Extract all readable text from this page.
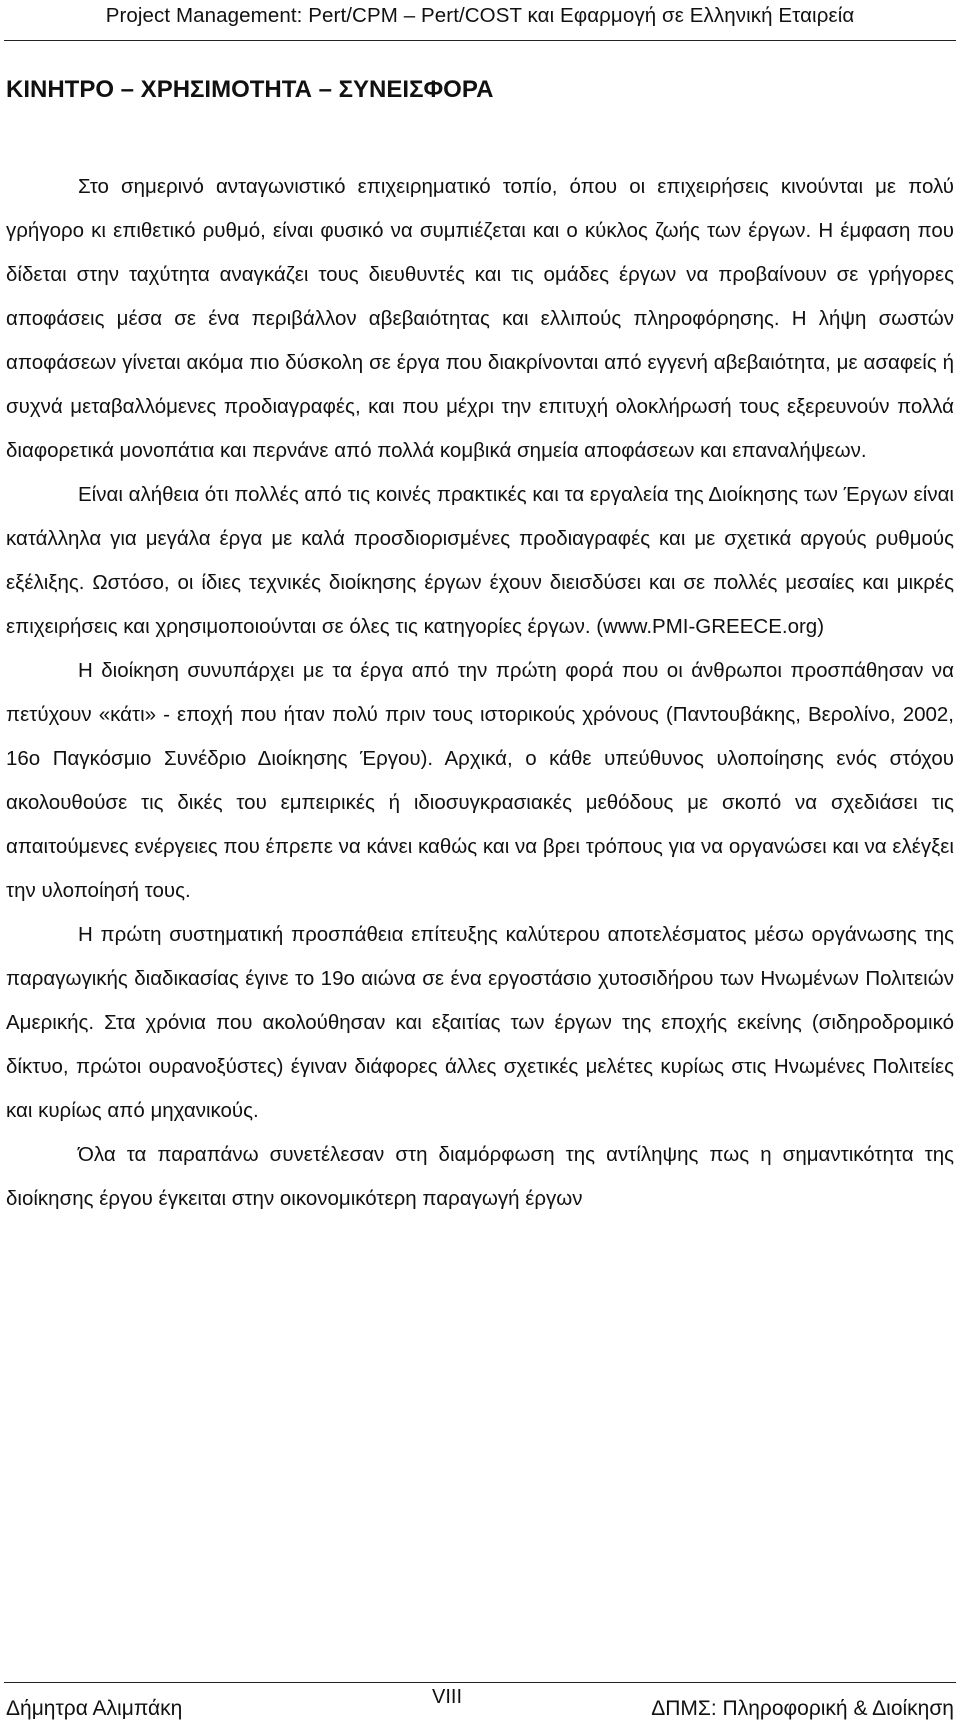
Project Management: Pert/CPM – Pert/COST και Εφαρμογή σε Ελληνική Εταιρεία
ΚΙΝΗΤΡΟ – ΧΡΗΣΙΜΟΤΗΤΑ – ΣΥΝΕΙΣΦΟΡΑ

Στο σημερινό ανταγωνιστικό επιχειρηματικό τοπίο, όπου οι επιχειρήσεις κινούνται με πολύ γρήγορο κι επιθετικό ρυθμό, είναι φυσικό να συμπιέζεται και ο κύκλος ζωής των έργων. Η έμφαση που δίδεται στην ταχύτητα αναγκάζει τους διευθυντές και τις ομάδες έργων να προβαίνουν σε γρήγορες αποφάσεις μέσα σε ένα περιβάλλον αβεβαιότητας και ελλιπούς πληροφόρησης. Η λήψη σωστών αποφάσεων γίνεται ακόμα πιο δύσκολη σε έργα που διακρίνονται από εγγενή αβεβαιότητα, με ασαφείς ή συχνά μεταβαλλόμενες προδιαγραφές, και που μέχρι την επιτυχή ολοκλήρωσή τους εξερευνούν πολλά διαφορετικά μονοπάτια και περνάνε από πολλά κομβικά σημεία αποφάσεων και επαναλήψεων.

Είναι αλήθεια ότι πολλές από τις κοινές πρακτικές και τα εργαλεία της Διοίκησης των Έργων είναι κατάλληλα για μεγάλα έργα με καλά προσδιορισμένες προδιαγραφές και με σχετικά αργούς ρυθμούς εξέλιξης. Ωστόσο, οι ίδιες τεχνικές διοίκησης έργων έχουν διεισδύσει και σε πολλές μεσαίες και μικρές επιχειρήσεις και χρησιμοποιούνται σε όλες τις κατηγορίες έργων. (www.PMI-GREECE.org)

Η διοίκηση συνυπάρχει με τα έργα από την πρώτη φορά που οι άνθρωποι προσπάθησαν να πετύχουν «κάτι» - εποχή που ήταν πολύ πριν τους ιστορικούς χρόνους (Παντουβάκης, Βερολίνο, 2002, 16ο Παγκόσμιο Συνέδριο Διοίκησης Έργου). Αρχικά, ο κάθε υπεύθυνος υλοποίησης ενός στόχου ακολουθούσε τις δικές του εμπειρικές ή ιδιοσυγκρασιακές μεθόδους με σκοπό να σχεδιάσει τις απαιτούμενες ενέργειες που έπρεπε να κάνει καθώς και να βρει τρόπους για να οργανώσει και να ελέγξει την υλοποίησή τους.

Η πρώτη συστηματική προσπάθεια επίτευξης καλύτερου αποτελέσματος μέσω οργάνωσης της παραγωγικής διαδικασίας έγινε το 19ο αιώνα σε ένα εργοστάσιο χυτοσιδήρου των Ηνωμένων Πολιτειών Αμερικής. Στα χρόνια που ακολούθησαν και εξαιτίας των έργων της εποχής εκείνης (σιδηροδρομικό δίκτυο, πρώτοι ουρανοξύστες) έγιναν διάφορες άλλες σχετικές μελέτες κυρίως στις Ηνωμένες Πολιτείες και κυρίως από μηχανικούς.

Όλα τα παραπάνω συνετέλεσαν στη διαμόρφωση της αντίληψης πως η σημαντικότητα της διοίκησης έργου έγκειται στην οικονομικότερη παραγωγή έργων

Δήμητρα Αλιμπάκη	VIII	ΔΠΜΣ: Πληροφορική & Διοίκηση
